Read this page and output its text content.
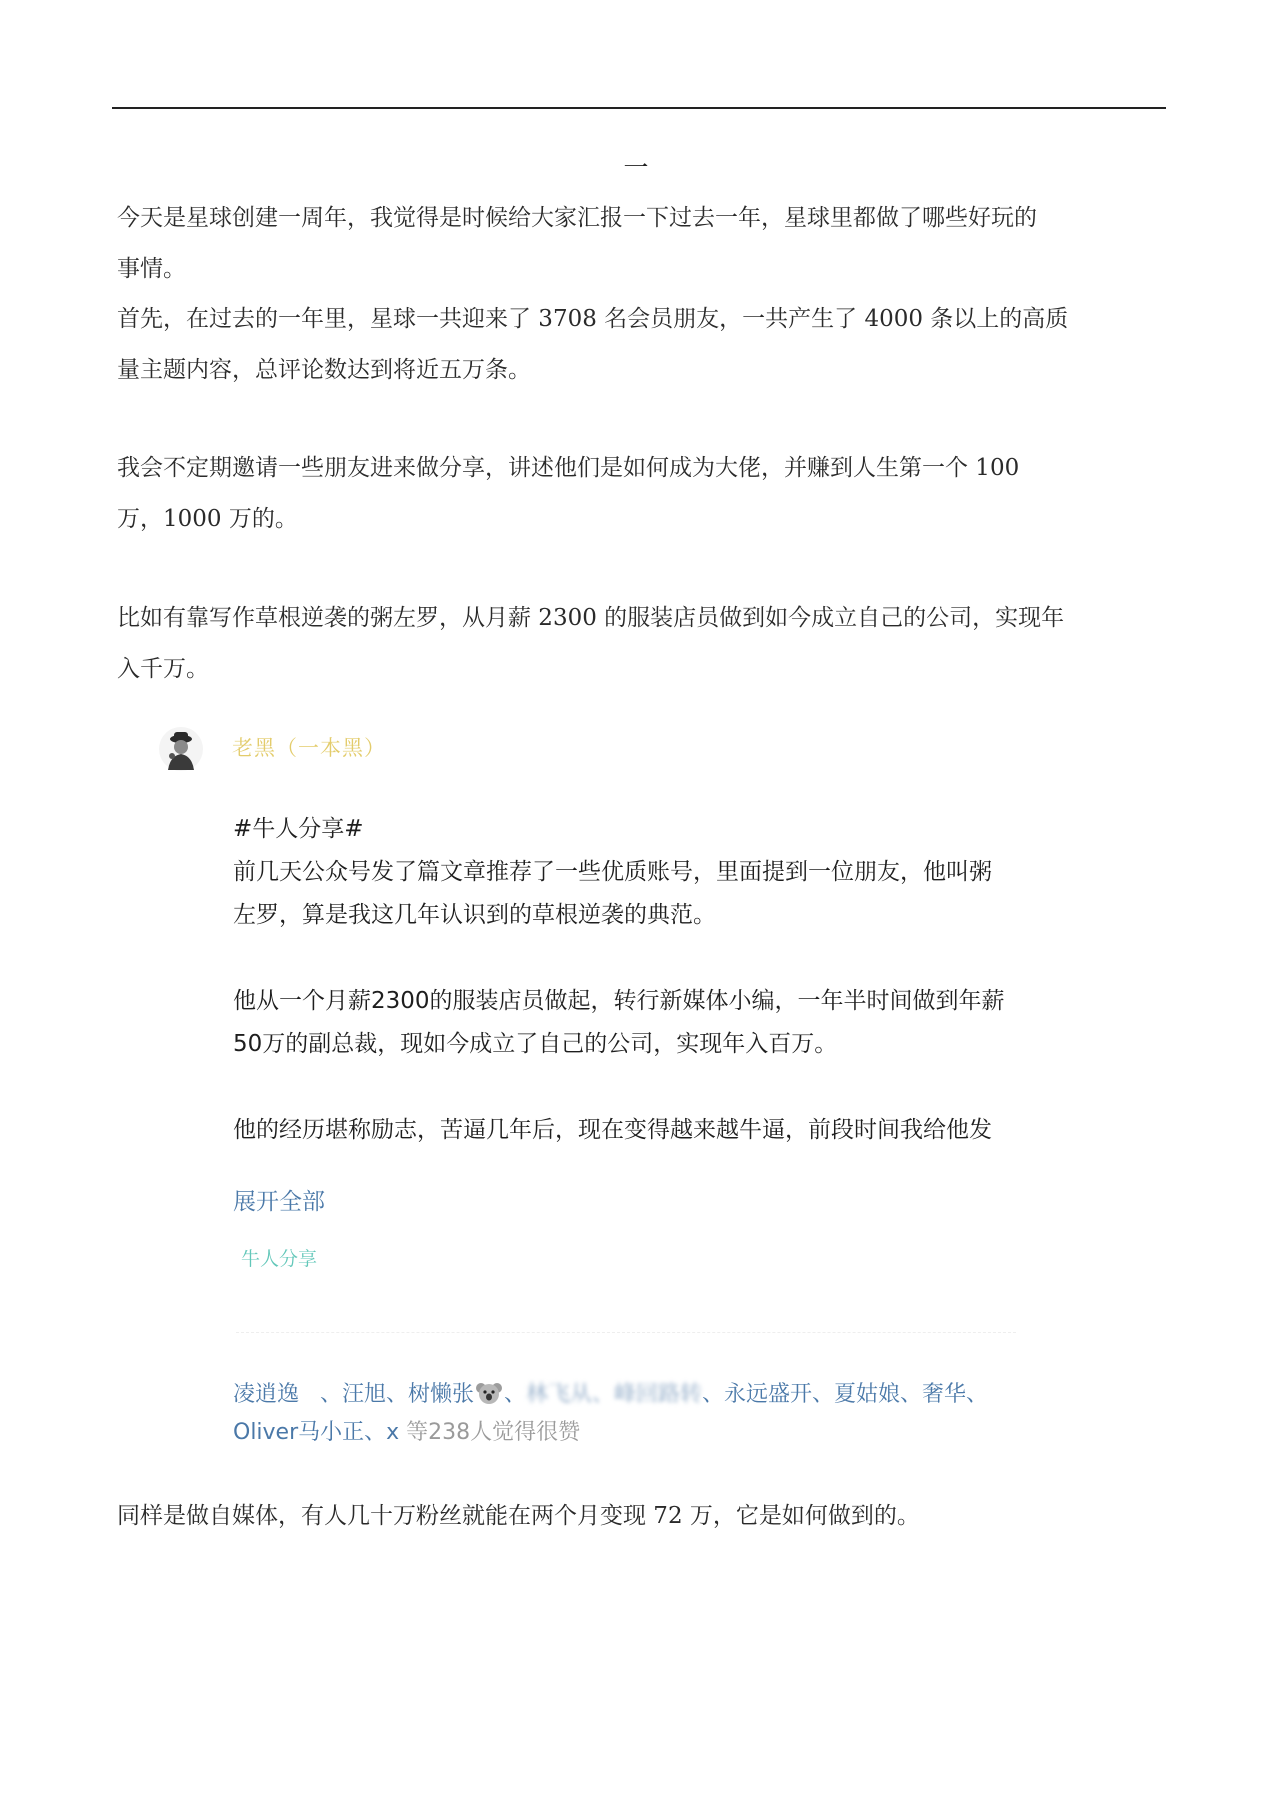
一
今天是星球创建一周年，我觉得是时候给大家汇报一下过去一年，星球里都做了哪些好玩的
事情。
首先，在过去的一年里，星球一共迎来了 3708 名会员朋友，一共产生了 4000 条以上的高质
量主题内容，总评论数达到将近五万条。
我会不定期邀请一些朋友进来做分享，讲述他们是如何成为大佬，并赚到人生第一个 100
万，1000 万的。
比如有靠写作草根逆袭的粥左罗，从月薪 2300 的服装店员做到如今成立自己的公司，实现年
入千万。
老黑（一本黑）
#牛人分享#
前几天公众号发了篇文章推荐了一些优质账号，里面提到一位朋友，他叫粥
左罗，算是我这几年认识到的草根逆袭的典范。
他从一个月薪2300的服装店员做起，转行新媒体小编，一年半时间做到年薪
50万的副总裁，现如今成立了自己的公司，实现年入百万。
他的经历堪称励志，苦逼几年后，现在变得越来越牛逼，前段时间我给他发
展开全部
牛人分享
凌逍逸 、汪旭、树懒张 、林飞从、峰回路转、永远盛开、夏姑娘、奢华、
Oliver马小正、x 等238人觉得很赞
同样是做自媒体，有人几十万粉丝就能在两个月变现 72 万，它是如何做到的。
